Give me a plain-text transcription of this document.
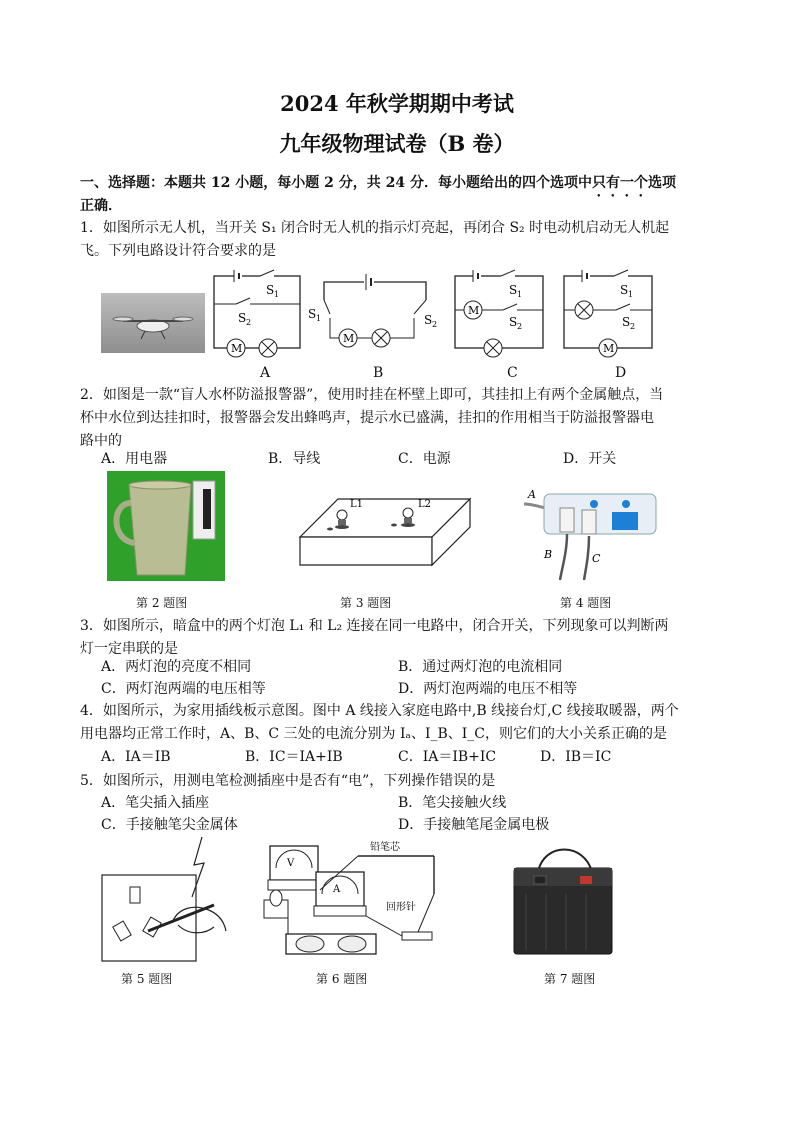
2024 年秋学期期中考试
九年级物理试卷（B 卷）
一、选择题：本题共 12 小题，每小题 2 分，共 24 分．每小题给出的四个选项中只有一个选项
正确．
1．如图所示无人机，当开关 S₁ 闭合时无人机的指示灯亮起，再闭合 S₂ 时电动机启动无人机起
飞。下列电路设计符合要求的是
S 1
S 2
M
S 1	S 2
M
S 1
M
S 2
S 1
S 2
M
A	B	C	D
2．如图是一款“盲人水杯防溢报警器”，使用时挂在杯壁上即可，其挂扣上有两个金属触点，当
杯中水位到达挂扣时，报警器会发出蜂鸣声，提示水已盛满，挂扣的作用相当于防溢报警器电
路中的
A．用电器	B．导线	C．电源	D．开关
L1	L2
A
B	C
第 2 题图	第 3 题图	第 4 题图
3．如图所示，暗盒中的两个灯泡 L₁ 和 L₂ 连接在同一电路中，闭合开关，下列现象可以判断两
灯一定串联的是
A．两灯泡的亮度不相同	B．通过两灯泡的电流相同
C．两灯泡两端的电压相等	D．两灯泡两端的电压不相等
4．如图所示，为家用插线板示意图。图中 A 线接入家庭电路中,B 线接台灯,C 线接取暖器，两个
用电器均正常工作时，A、B、C 三处的电流分别为 Iₐ、I_B、I_C，则它们的大小关系正确的是
A．IA＝IB	B．IC＝IA+IB	C．IA＝IB+IC	D．IB＝IC
5．如图所示，用测电笔检测插座中是否有“电”，下列操作错误的是
A．笔尖插入插座	B．笔尖接触火线
C．手接触笔尖金属体	D．手接触笔尾金属电极
V
A
铅笔芯
回形针
第 5 题图	第 6 题图	第 7 题图
